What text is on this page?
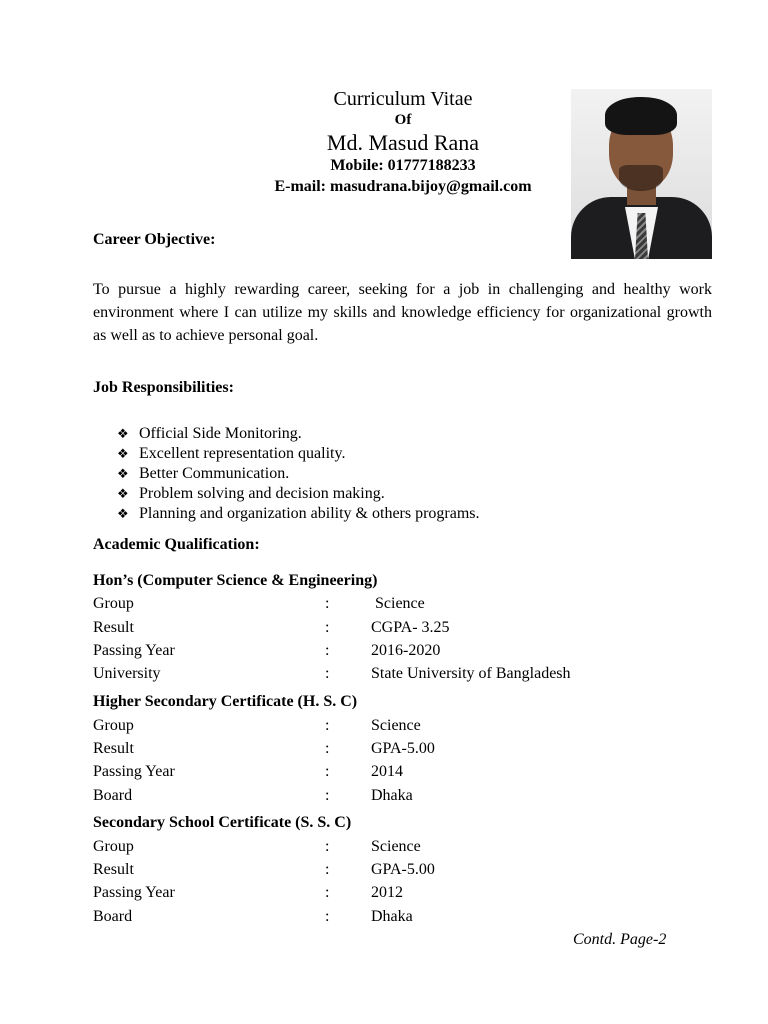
Curriculum Vitae
Of
Md. Masud Rana
Mobile: 01777188233
E-mail: masudrana.bijoy@gmail.com
Career Objective:
To pursue a highly rewarding career, seeking for a job in challenging and healthy work environment where I can utilize my skills and knowledge efficiency for organizational growth as well as to achieve personal goal.
Job Responsibilities:
❖ Official Side Monitoring.
❖ Excellent representation quality.
❖ Better Communication.
❖ Problem solving and decision making.
❖ Planning and organization ability & others programs.
Academic Qualification:
Hon’s (Computer Science & Engineering)
Group	:	Science
Result	:	CGPA- 3.25
Passing Year	:	2016-2020
University	:	State University of Bangladesh
Higher Secondary Certificate (H. S. C)
Group	:	Science
Result	:	GPA-5.00
Passing Year	:	2014
Board	:	Dhaka
Secondary School Certificate (S. S. C)
Group	:	Science
Result	:	GPA-5.00
Passing Year	:	2012
Board	:	Dhaka
Contd. Page-2
